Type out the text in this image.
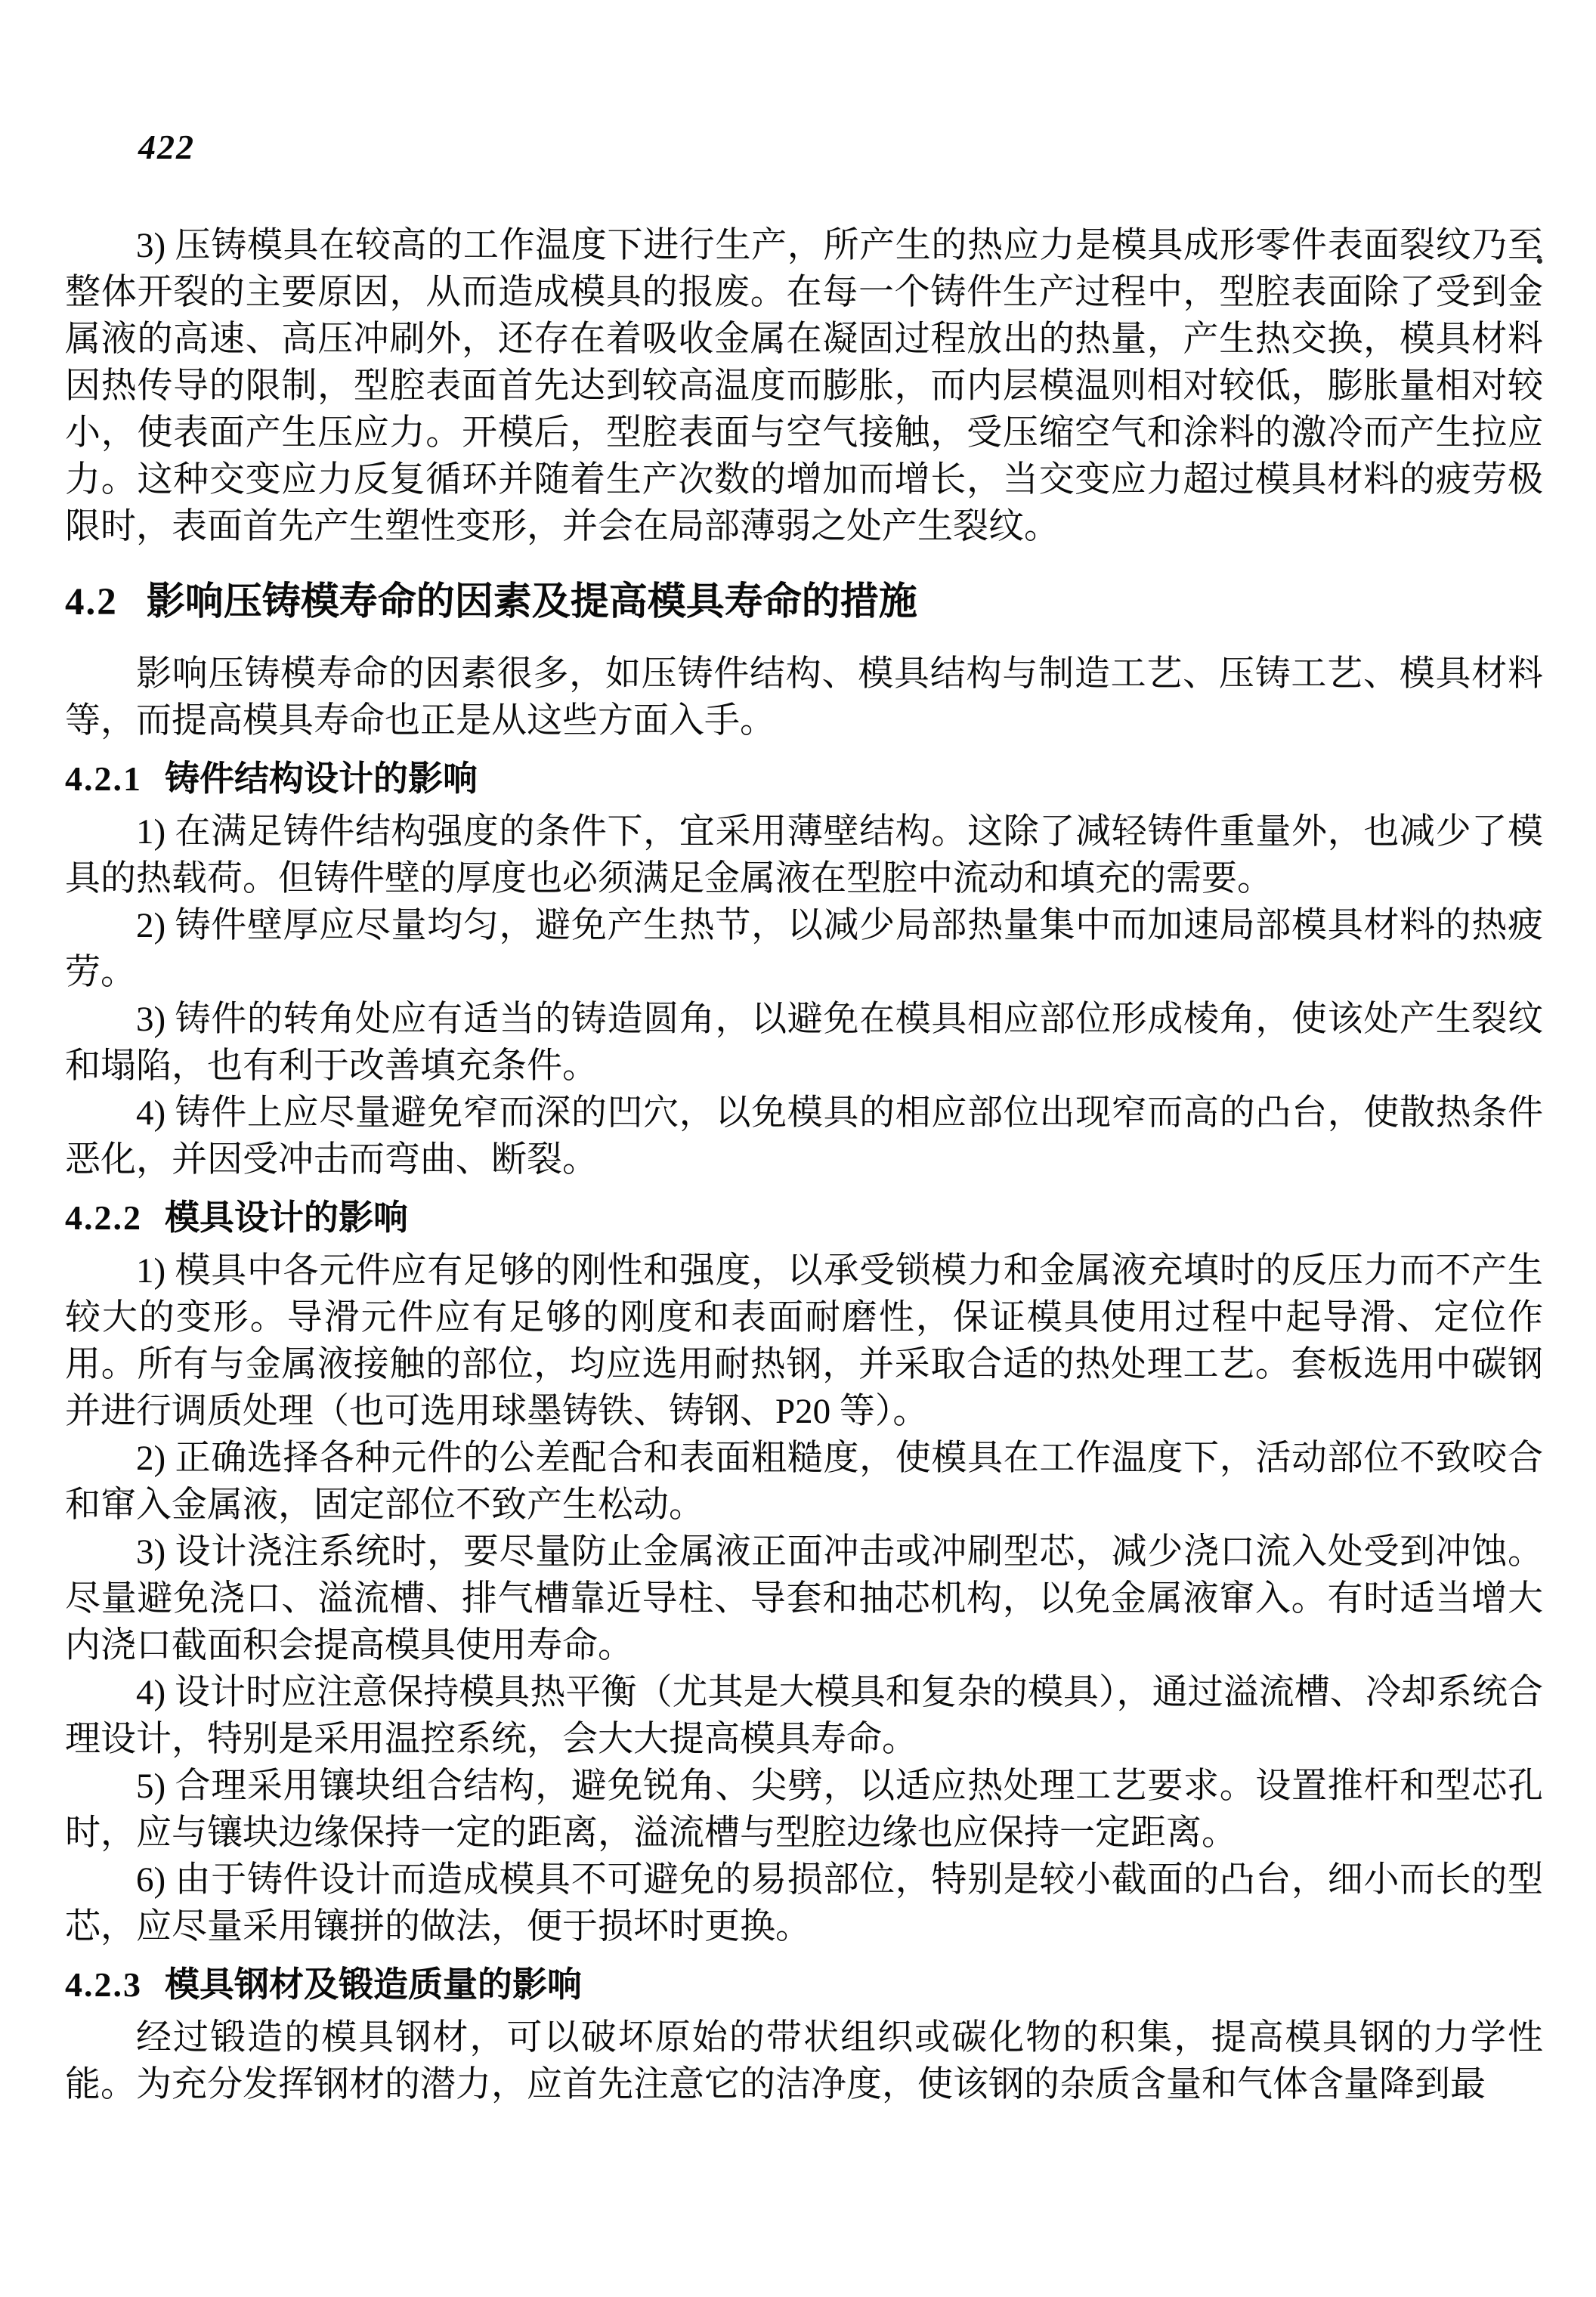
422

3) 压铸模具在较高的工作温度下进行生产，所产生的热应力是模具成形零件表面裂纹乃至整体开裂的主要原因，从而造成模具的报废。在每一个铸件生产过程中，型腔表面除了受到金属液的高速、高压冲刷外，还存在着吸收金属在凝固过程放出的热量，产生热交换，模具材料因热传导的限制，型腔表面首先达到较高温度而膨胀，而内层模温则相对较低，膨胀量相对较小，使表面产生压应力。开模后，型腔表面与空气接触，受压缩空气和涂料的激冷而产生拉应力。这种交变应力反复循环并随着生产次数的增加而增长，当交变应力超过模具材料的疲劳极限时，表面首先产生塑性变形，并会在局部薄弱之处产生裂纹。

4.2 影响压铸模寿命的因素及提高模具寿命的措施

影响压铸模寿命的因素很多，如压铸件结构、模具结构与制造工艺、压铸工艺、模具材料等，而提高模具寿命也正是从这些方面入手。

4.2.1 铸件结构设计的影响

1) 在满足铸件结构强度的条件下，宜采用薄壁结构。这除了减轻铸件重量外，也减少了模具的热载荷。但铸件壁的厚度也必须满足金属液在型腔中流动和填充的需要。

2) 铸件壁厚应尽量均匀，避免产生热节，以减少局部热量集中而加速局部模具材料的热疲劳。

3) 铸件的转角处应有适当的铸造圆角，以避免在模具相应部位形成棱角，使该处产生裂纹和塌陷，也有利于改善填充条件。

4) 铸件上应尽量避免窄而深的凹穴，以免模具的相应部位出现窄而高的凸台，使散热条件恶化，并因受冲击而弯曲、断裂。

4.2.2 模具设计的影响

1) 模具中各元件应有足够的刚性和强度，以承受锁模力和金属液充填时的反压力而不产生较大的变形。导滑元件应有足够的刚度和表面耐磨性，保证模具使用过程中起导滑、定位作用。所有与金属液接触的部位，均应选用耐热钢，并采取合适的热处理工艺。套板选用中碳钢并进行调质处理（也可选用球墨铸铁、铸钢、P20 等）。

2) 正确选择各种元件的公差配合和表面粗糙度，使模具在工作温度下，活动部位不致咬合和窜入金属液，固定部位不致产生松动。

3) 设计浇注系统时，要尽量防止金属液正面冲击或冲刷型芯，减少浇口流入处受到冲蚀。尽量避免浇口、溢流槽、排气槽靠近导柱、导套和抽芯机构，以免金属液窜入。有时适当增大内浇口截面积会提高模具使用寿命。

4) 设计时应注意保持模具热平衡（尤其是大模具和复杂的模具），通过溢流槽、冷却系统合理设计，特别是采用温控系统，会大大提高模具寿命。

5) 合理采用镶块组合结构，避免锐角、尖劈，以适应热处理工艺要求。设置推杆和型芯孔时，应与镶块边缘保持一定的距离，溢流槽与型腔边缘也应保持一定距离。

6) 由于铸件设计而造成模具不可避免的易损部位，特别是较小截面的凸台，细小而长的型芯，应尽量采用镶拼的做法，便于损坏时更换。

4.2.3 模具钢材及锻造质量的影响

经过锻造的模具钢材，可以破坏原始的带状组织或碳化物的积集，提高模具钢的力学性能。为充分发挥钢材的潜力，应首先注意它的洁净度，使该钢的杂质含量和气体含量降到最
